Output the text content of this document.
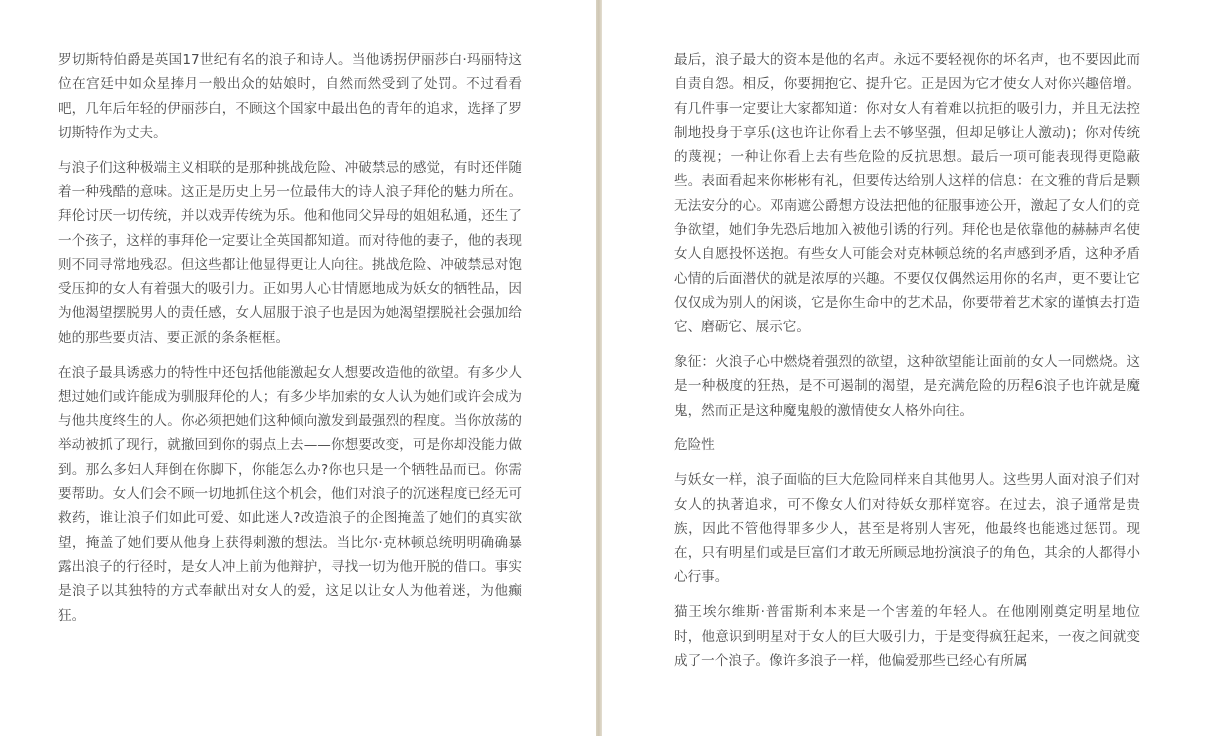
罗切斯特伯爵是英国17世纪有名的浪子和诗人。当他诱拐伊丽莎白·玛丽特这位在宫廷中如众星捧月一般出众的姑娘时，自然而然受到了处罚。不过看看吧，几年后年轻的伊丽莎白，不顾这个国家中最出色的青年的追求，选择了罗切斯特作为丈夫。

与浪子们这种极端主义相联的是那种挑战危险、冲破禁忌的感觉，有时还伴随着一种残酷的意味。这正是历史上另一位最伟大的诗人浪子拜伦的魅力所在。拜伦讨厌一切传统，并以戏弄传统为乐。他和他同父异母的姐姐私通，还生了一个孩子，这样的事拜伦一定要让全英国都知道。而对待他的妻子，他的表现则不同寻常地残忍。但这些都让他显得更让人向往。挑战危险、冲破禁忌对饱受压抑的女人有着强大的吸引力。正如男人心甘情愿地成为妖女的牺牲品，因为他渴望摆脱男人的责任感，女人屈服于浪子也是因为她渴望摆脱社会强加给她的那些要贞洁、要正派的条条框框。

在浪子最具诱惑力的特性中还包括他能激起女人想要改造他的欲望。有多少人想过她们或许能成为驯服拜伦的人；有多少毕加索的女人认为她们或许会成为与他共度终生的人。你必须把她们这种倾向激发到最强烈的程度。当你放荡的举动被抓了现行，就撤回到你的弱点上去——你想要改变，可是你却没能力做到。那么多妇人拜倒在你脚下，你能怎么办?你也只是一个牺牲品而已。你需要帮助。女人们会不顾一切地抓住这个机会，他们对浪子的沉迷程度已经无可救药，谁让浪子们如此可爱、如此迷人?改造浪子的企图掩盖了她们的真实欲望，掩盖了她们要从他身上获得刺激的想法。当比尔·克林顿总统明明确确暴露出浪子的行径时，是女人冲上前为他辩护，寻找一切为他开脱的借口。事实是浪子以其独特的方式奉献出对女人的爱，这足以让女人为他着迷，为他癫狂。

最后，浪子最大的资本是他的名声。永远不要轻视你的坏名声，也不要因此而自责自怨。相反，你要拥抱它、提升它。正是因为它才使女人对你兴趣倍增。有几件事一定要让大家都知道：你对女人有着难以抗拒的吸引力，并且无法控制地投身于享乐(这也许让你看上去不够坚强，但却足够让人激动)；你对传统的蔑视；一种让你看上去有些危险的反抗思想。最后一项可能表现得更隐蔽些。表面看起来你彬彬有礼，但要传达给别人这样的信息：在文雅的背后是颗无法安分的心。邓南遮公爵想方设法把他的征服事迹公开，激起了女人们的竞争欲望，她们争先恐后地加入被他引诱的行列。拜伦也是依靠他的赫赫声名使女人自愿投怀送抱。有些女人可能会对克林顿总统的名声感到矛盾，这种矛盾心情的后面潜伏的就是浓厚的兴趣。不要仅仅偶然运用你的名声，更不要让它仅仅成为别人的闲谈，它是你生命中的艺术品，你要带着艺术家的谨慎去打造它、磨砺它、展示它。

象征：火浪子心中燃烧着强烈的欲望，这种欲望能让面前的女人一同燃烧。这是一种极度的狂热，是不可遏制的渴望，是充满危险的历程6浪子也许就是魔鬼，然而正是这种魔鬼般的激情使女人格外向往。

危险性

与妖女一样，浪子面临的巨大危险同样来自其他男人。这些男人面对浪子们对女人的执著追求，可不像女人们对待妖女那样宽容。在过去，浪子通常是贵族，因此不管他得罪多少人，甚至是将别人害死，他最终也能逃过惩罚。现在，只有明星们或是巨富们才敢无所顾忌地扮演浪子的角色，其余的人都得小心行事。

猫王埃尔维斯·普雷斯利本来是一个害羞的年轻人。在他刚刚奠定明星地位时，他意识到明星对于女人的巨大吸引力，于是变得疯狂起来，一夜之间就变成了一个浪子。像许多浪子一样，他偏爱那些已经心有所属
